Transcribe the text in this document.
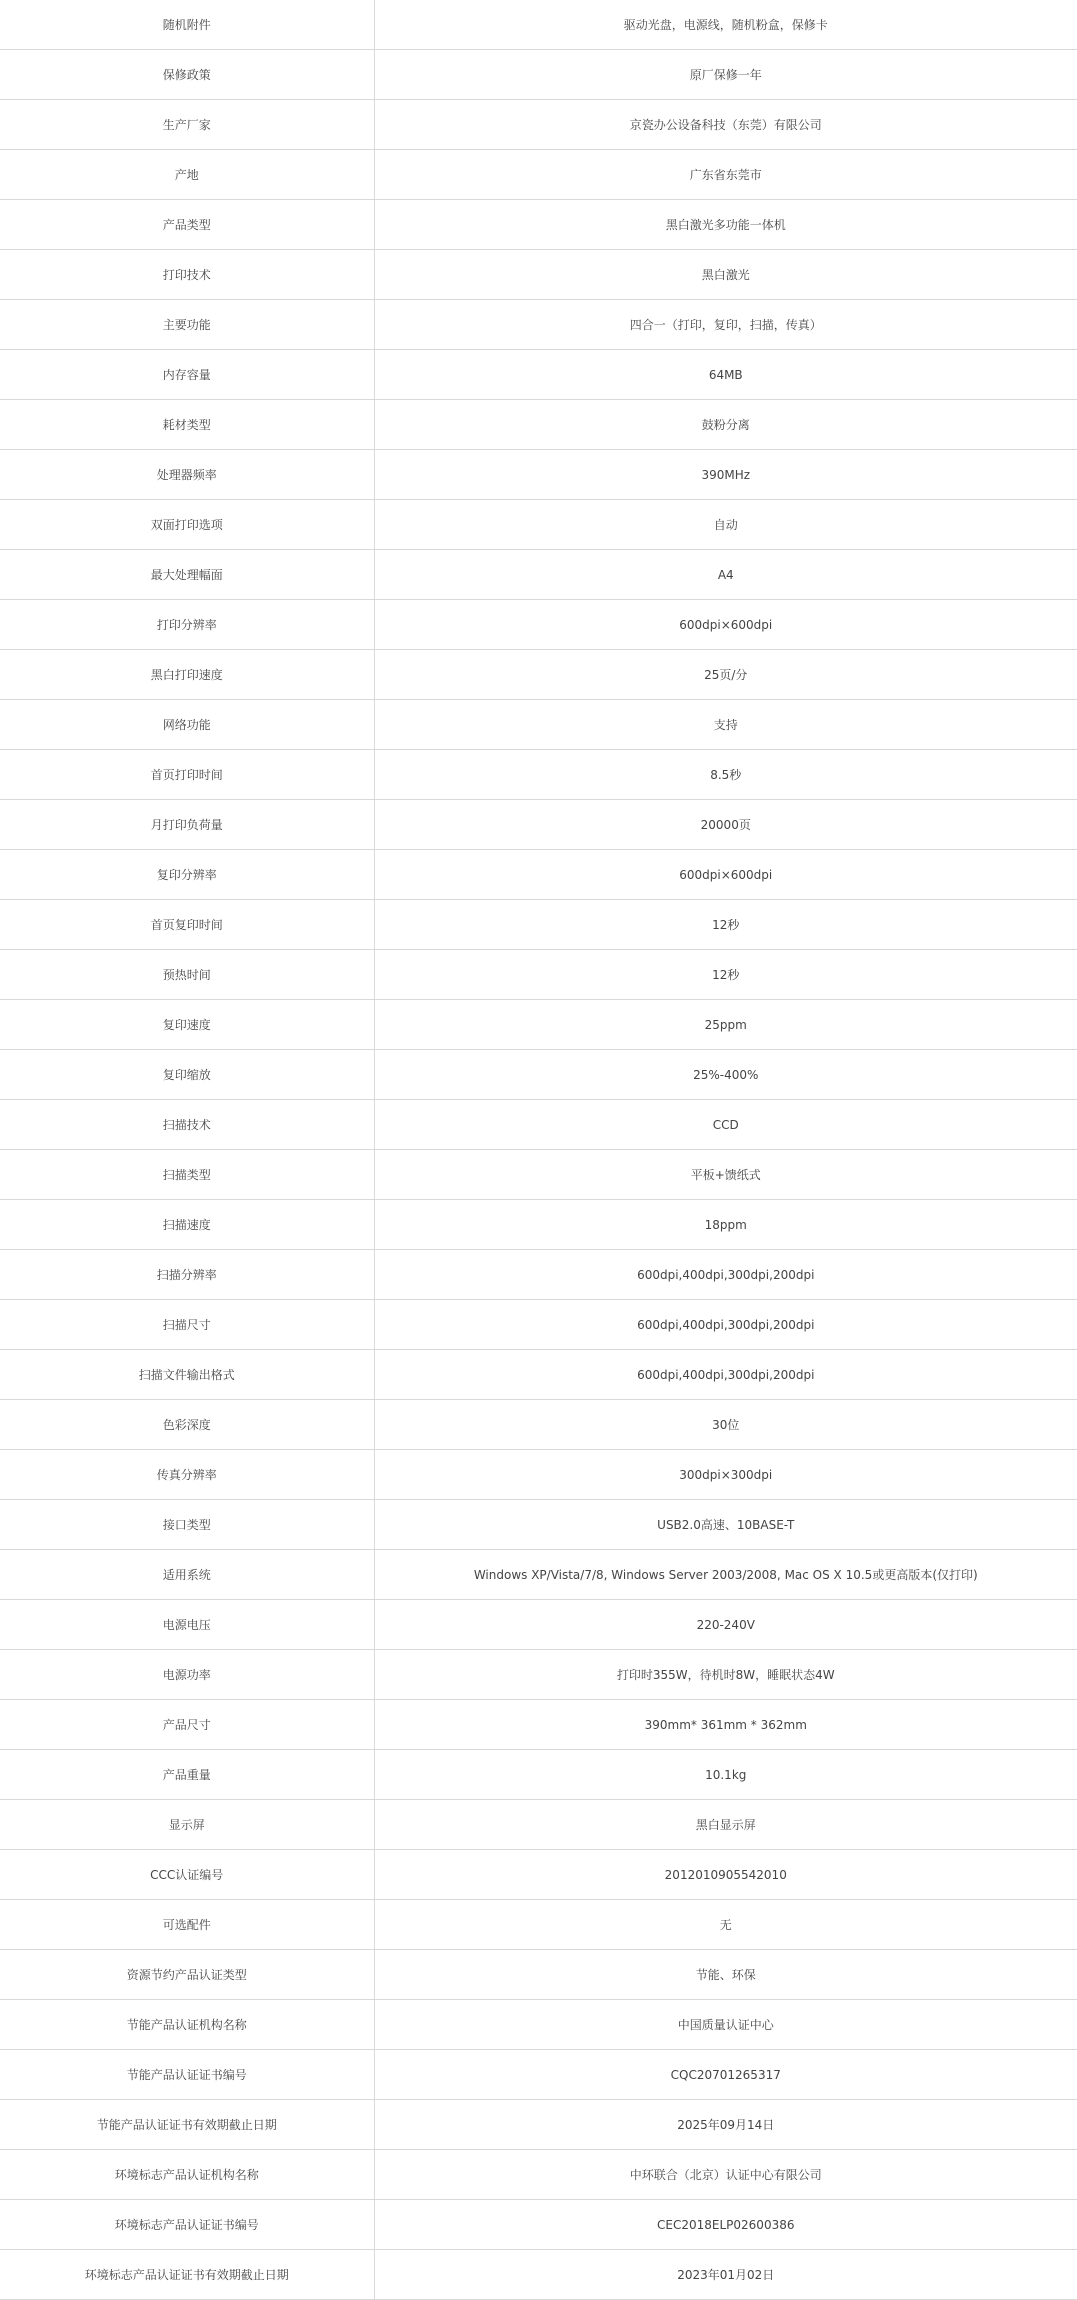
随机附件	驱动光盘，电源线，随机粉盒，保修卡
保修政策	原厂保修一年
生产厂家	京瓷办公设备科技（东莞）有限公司
产地	广东省东莞市
产品类型	黑白激光多功能一体机
打印技术	黑白激光
主要功能	四合一（打印，复印，扫描，传真）
内存容量	64MB
耗材类型	鼓粉分离
处理器频率	390MHz
双面打印选项	自动
最大处理幅面	A4
打印分辨率	600dpi×600dpi
黑白打印速度	25页/分
网络功能	支持
首页打印时间	8.5秒
月打印负荷量	20000页
复印分辨率	600dpi×600dpi
首页复印时间	12秒
预热时间	12秒
复印速度	25ppm
复印缩放	25%-400%
扫描技术	CCD
扫描类型	平板+馈纸式
扫描速度	18ppm
扫描分辨率	600dpi,400dpi,300dpi,200dpi
扫描尺寸	600dpi,400dpi,300dpi,200dpi
扫描文件输出格式	600dpi,400dpi,300dpi,200dpi
色彩深度	30位
传真分辨率	300dpi×300dpi
接口类型	USB2.0高速、10BASE-T
适用系统	Windows XP/Vista/7/8, Windows Server 2003/2008, Mac OS X 10.5或更高版本(仅打印)
电源电压	220-240V
电源功率	打印时355W，待机时8W，睡眠状态4W
产品尺寸	390mm* 361mm * 362mm
产品重量	10.1kg
显示屏	黑白显示屏
CCC认证编号	2012010905542010
可选配件	无
资源节约产品认证类型	节能、环保
节能产品认证机构名称	中国质量认证中心
节能产品认证证书编号	CQC20701265317
节能产品认证证书有效期截止日期	2025年09月14日
环境标志产品认证机构名称	中环联合（北京）认证中心有限公司
环境标志产品认证证书编号	CEC2018ELP02600386
环境标志产品认证证书有效期截止日期	2023年01月02日
